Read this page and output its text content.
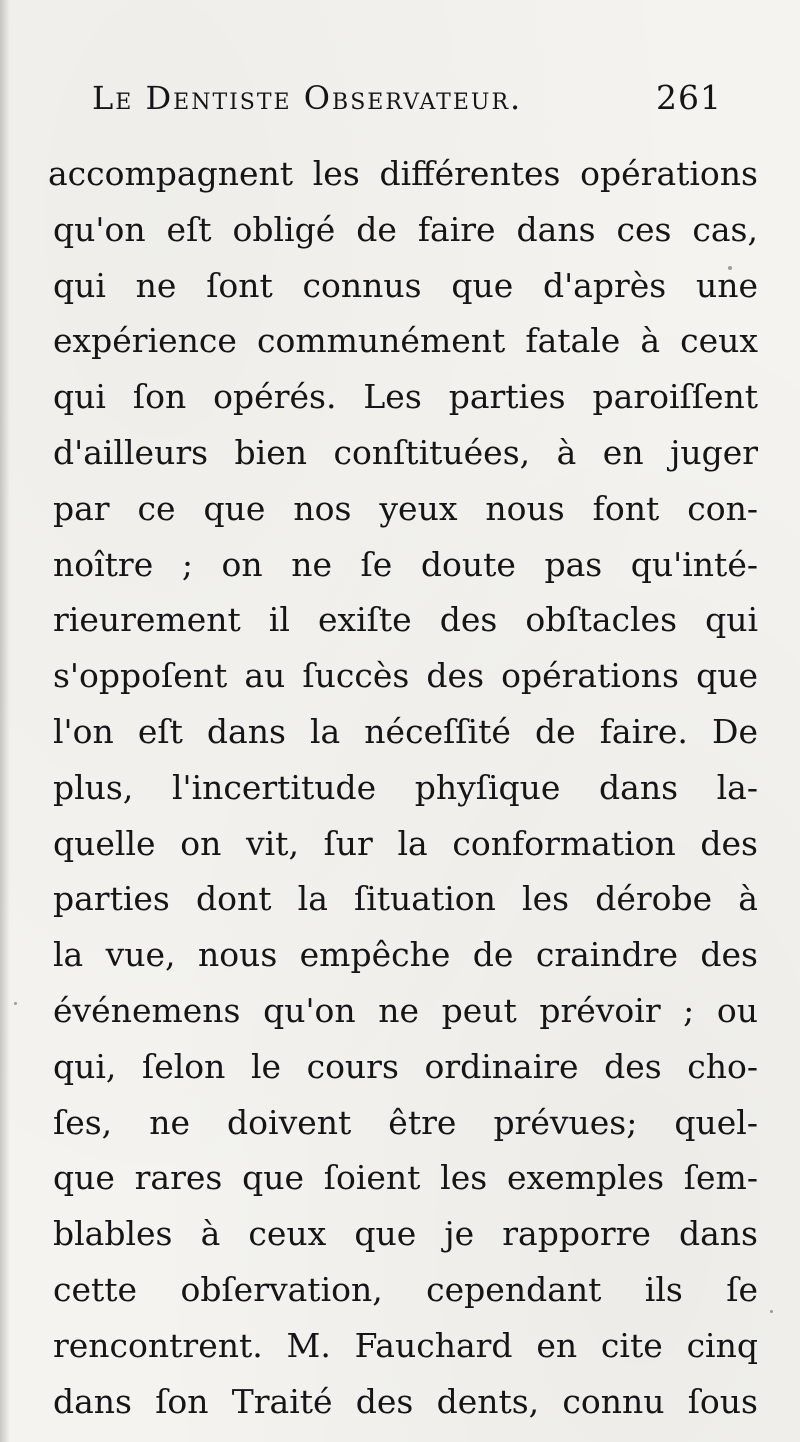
Le Dentiste Observateur.	261
accompagnent les différentes opérations
qu'on eſt obligé de faire dans ces cas,
qui ne ſont connus que d'après une
expérience communément fatale à ceux
qui ſon opérés. Les parties paroiſſent
d'ailleurs bien conſtituées, à en juger
par ce que nos yeux nous font con-
noître ; on ne ſe doute pas qu'inté-
rieurement il exiſte des obſtacles qui
s'oppoſent au ſuccès des opérations que
l'on eſt dans la néceſſité de faire. De
plus, l'incertitude phyſique dans la-
quelle on vit, ſur la conformation des
parties dont la ſituation les dérobe à
la vue, nous empêche de craindre des
événemens qu'on ne peut prévoir ; ou
qui, ſelon le cours ordinaire des cho-
ſes, ne doivent être prévues; quel-
que rares que ſoient les exemples ſem-
blables à ceux que je rapporre dans
cette obſervation, cependant ils ſe
rencontrent. M. Fauchard en cite cinq
dans ſon Traité des dents, connu ſous
